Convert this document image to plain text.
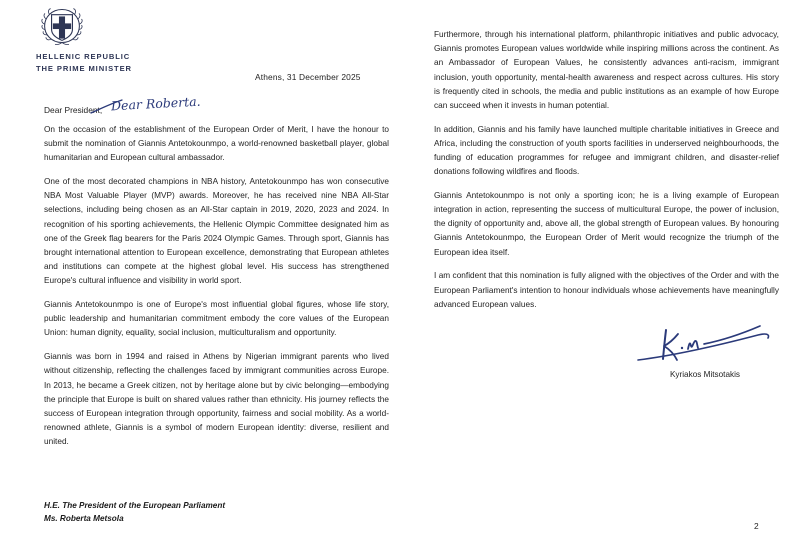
HELLENIC REPUBLIC
THE PRIME MINISTER
Athens, 31 December 2025
Dear President, Dear Roberta.

On the occasion of the establishment of the European Order of Merit, I have the honour to submit the nomination of Giannis Antetokounmpo, a world-renowned basketball player, global humanitarian and European cultural ambassador.

One of the most decorated champions in NBA history, Antetokounmpo has won consecutive NBA Most Valuable Player (MVP) awards. Moreover, he has received nine NBA All-Star selections, including being chosen as an All-Star captain in 2019, 2020, 2023 and 2024. In recognition of his sporting achievements, the Hellenic Olympic Committee designated him as one of the Greek flag bearers for the Paris 2024 Olympic Games. Through sport, Giannis has brought international attention to European excellence, demonstrating that European athletes and institutions can compete at the highest global level. His success has strengthened Europe's cultural influence and visibility in world sport.

Giannis Antetokounmpo is one of Europe's most influential global figures, whose life story, public leadership and humanitarian commitment embody the core values of the European Union: human dignity, equality, social inclusion, multiculturalism and opportunity.

Giannis was born in 1994 and raised in Athens by Nigerian immigrant parents who lived without citizenship, reflecting the challenges faced by immigrant communities across Europe. In 2013, he became a Greek citizen, not by heritage alone but by civic belonging—embodying the principle that Europe is built on shared values rather than ethnicity. His journey reflects the success of European integration through opportunity, fairness and social mobility. As a world-renowned athlete, Giannis is a symbol of modern European identity: diverse, resilient and united.

Furthermore, through his international platform, philanthropic initiatives and public advocacy, Giannis promotes European values worldwide while inspiring millions across the continent. As an Ambassador of European Values, he consistently advances anti-racism, immigrant inclusion, youth opportunity, mental-health awareness and respect across cultures. His story is frequently cited in schools, the media and public institutions as an example of how Europe can succeed when it invests in human potential.

In addition, Giannis and his family have launched multiple charitable initiatives in Greece and Africa, including the construction of youth sports facilities in underserved neighbourhoods, the funding of education programmes for refugee and immigrant children, and disaster-relief donations following wildfires and floods.

Giannis Antetokounmpo is not only a sporting icon; he is a living example of European integration in action, representing the success of multicultural Europe, the power of inclusion, the dignity of opportunity and, above all, the global strength of European values. By honouring Giannis Antetokounmpo, the European Order of Merit would recognize the triumph of the European idea itself.

I am confident that this nomination is fully aligned with the objectives of the Order and with the European Parliament's intention to honour individuals whose achievements have meaningfully advanced European values.

Kyriakos Mitsotakis
H.E. The President of the European Parliament
Ms. Roberta Metsola
2
